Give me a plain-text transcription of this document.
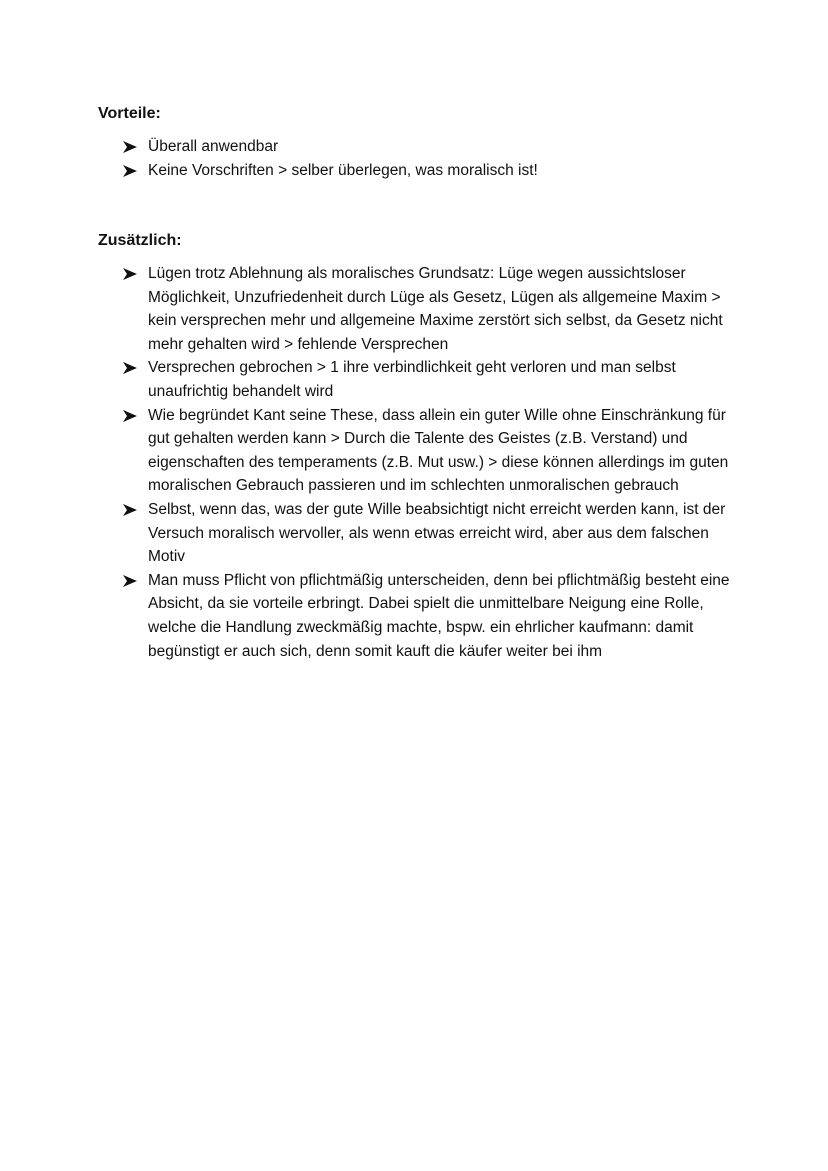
Vorteile:
Überall anwendbar
Keine Vorschriften > selber überlegen, was moralisch ist!
Zusätzlich:
Lügen trotz Ablehnung als moralisches Grundsatz: Lüge wegen aussichtsloser Möglichkeit, Unzufriedenheit durch Lüge als Gesetz, Lügen als allgemeine Maxim > kein versprechen mehr und allgemeine Maxime zerstört sich selbst, da Gesetz nicht mehr gehalten wird > fehlende Versprechen
Versprechen gebrochen > 1 ihre verbindlichkeit geht verloren und man selbst unaufrichtig behandelt wird
Wie begründet Kant seine These, dass allein ein guter Wille ohne Einschränkung für gut gehalten werden kann > Durch die Talente des Geistes (z.B. Verstand) und eigenschaften des temperaments (z.B. Mut usw.) > diese können allerdings im guten moralischen Gebrauch passieren und im schlechten unmoralischen gebrauch
Selbst, wenn das, was der gute Wille beabsichtigt nicht erreicht werden kann, ist der Versuch moralisch wervoller, als wenn etwas erreicht wird, aber aus dem falschen Motiv
Man muss Pflicht von pflichtmäßig unterscheiden, denn bei pflichtmäßig besteht eine Absicht, da sie vorteile erbringt. Dabei spielt die unmittelbare Neigung eine Rolle, welche die Handlung zweckmäßig machte, bspw. ein ehrlicher kaufmann: damit begünstigt er auch sich, denn somit kauft die käufer weiter bei ihm
